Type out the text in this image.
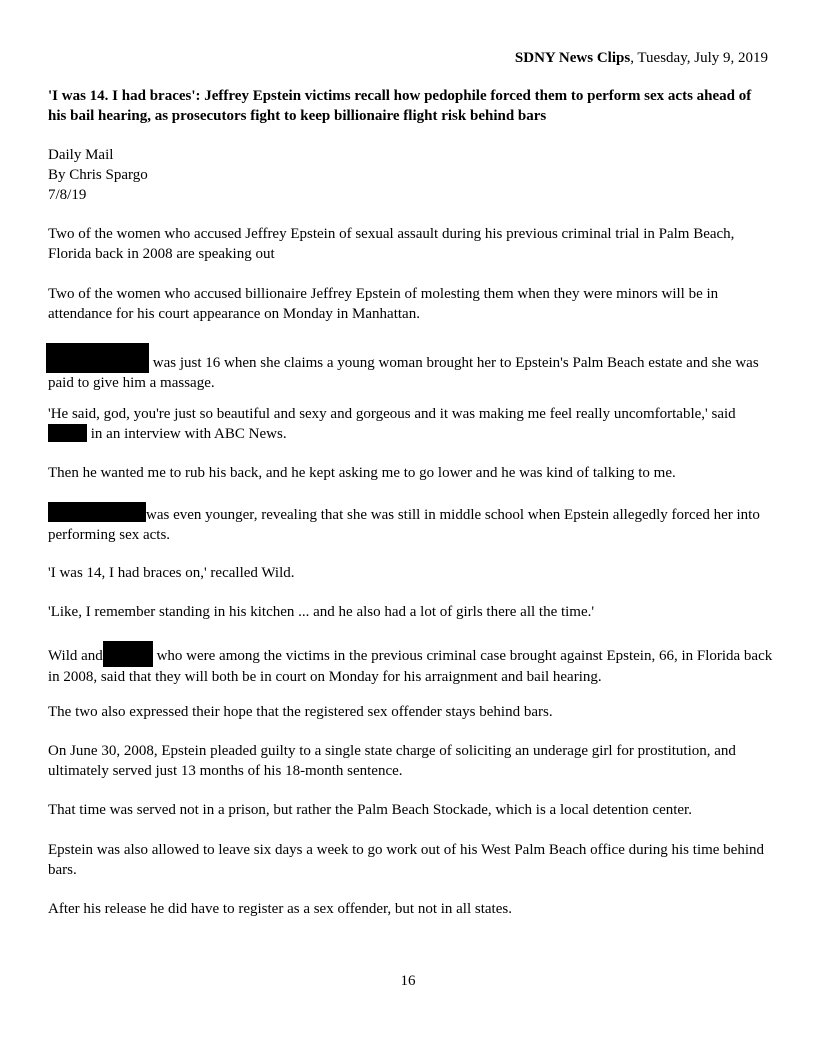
SDNY News Clips, Tuesday, July 9, 2019

'I was 14. I had braces': Jeffrey Epstein victims recall how pedophile forced them to perform sex acts ahead of his bail hearing, as prosecutors fight to keep billionaire flight risk behind bars

Daily Mail
By Chris Spargo
7/8/19

Two of the women who accused Jeffrey Epstein of sexual assault during his previous criminal trial in Palm Beach, Florida back in 2008 are speaking out

Two of the women who accused billionaire Jeffrey Epstein of molesting them when they were minors will be in attendance for his court appearance on Monday in Manhattan.

was just 16 when she claims a young woman brought her to Epstein's Palm Beach estate and she was paid to give him a massage.

'He said, god, you're just so beautiful and sexy and gorgeous and it was making me feel really uncomfortable,' said  in an interview with ABC News.

Then he wanted me to rub his back, and he kept asking me to go lower and he was kind of talking to me.

was even younger, revealing that she was still in middle school when Epstein allegedly forced her into performing sex acts.

'I was 14, I had braces on,' recalled Wild.

'Like, I remember standing in his kitchen ... and he also had a lot of girls there all the time.'

Wild and	who were among the victims in the previous criminal case brought against Epstein, 66, in Florida back in 2008, said that they will both be in court on Monday for his arraignment and bail hearing.

The two also expressed their hope that the registered sex offender stays behind bars.

On June 30, 2008, Epstein pleaded guilty to a single state charge of soliciting an underage girl for prostitution, and ultimately served just 13 months of his 18-month sentence.

That time was served not in a prison, but rather the Palm Beach Stockade, which is a local detention center.

Epstein was also allowed to leave six days a week to go work out of his West Palm Beach office during his time behind bars.

After his release he did have to register as a sex offender, but not in all states.

16
